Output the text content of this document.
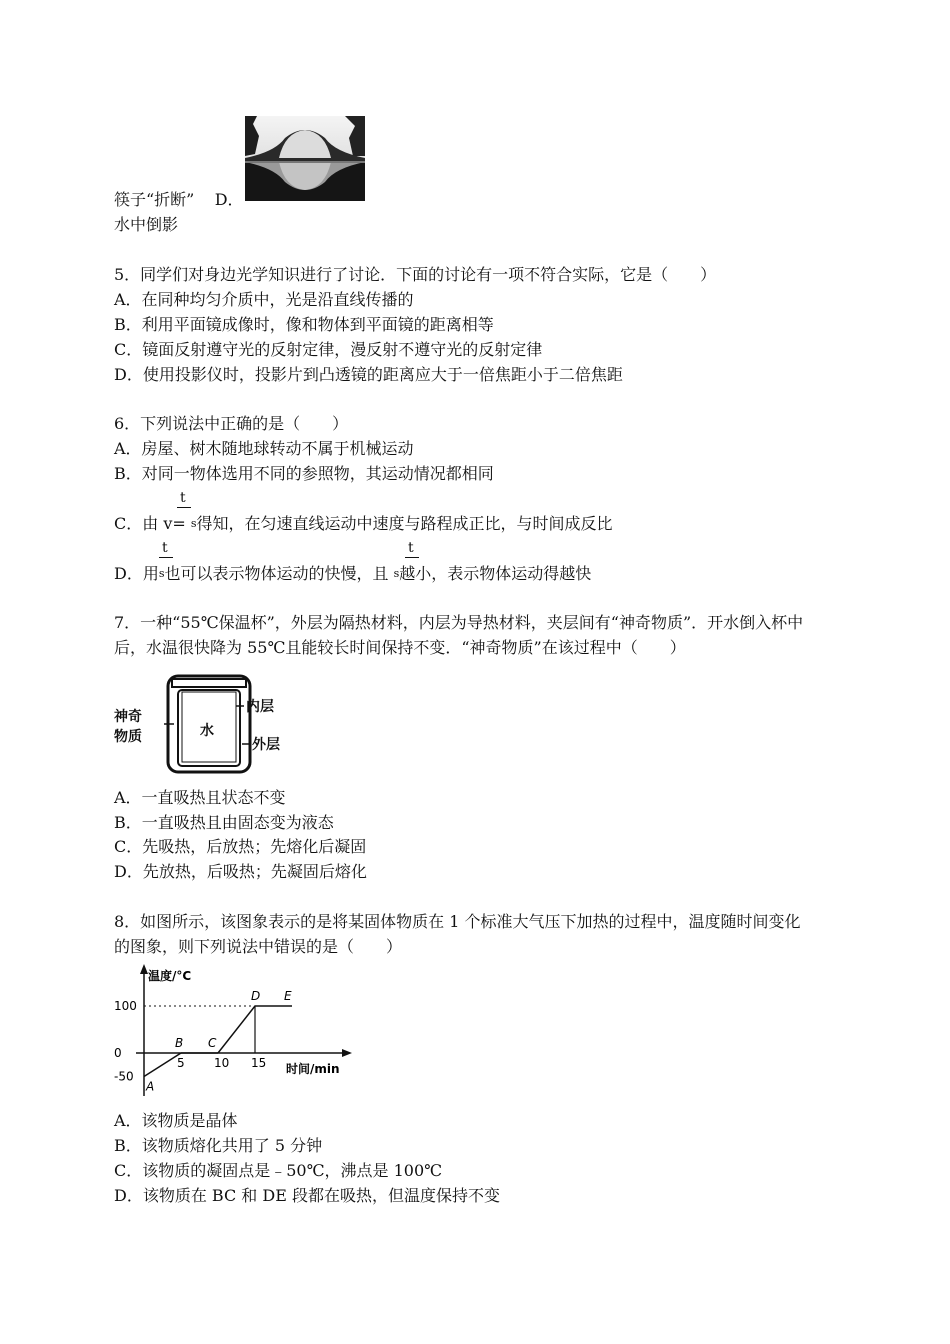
筷子“折断” D．
水中倒影
5．同学们对身边光学知识进行了讨论．下面的讨论有一项不符合实际，它是（　　）
A．在同种均匀介质中，光是沿直线传播的
B．利用平面镜成像时，像和物体到平面镜的距离相等
C．镜面反射遵守光的反射定律，漫反射不遵守光的反射定律
D．使用投影仪时，投影片到凸透镜的距离应大于一倍焦距小于二倍焦距
6．下列说法中正确的是（　　）
A．房屋、树木随地球转动不属于机械运动
B．对同一物体选用不同的参照物，其运动情况都相同
t
C．由 v= s得知，在匀速直线运动中速度与路程成正比，与时间成反比
t	t
D．用s也可以表示物体运动的快慢，且 s越小，表示物体运动得越快
7．一种“55℃保温杯”，外层为隔热材料，内层为导热材料，夹层间有“神奇物质”．开水倒入杯中
后，水温很快降为 55℃且能较长时间保持不变．“神奇物质”在该过程中（　　）
神奇
物质	水
内层
外层
A．一直吸热且状态不变
B．一直吸热且由固态变为液态
C．先吸热，后放热；先熔化后凝固
D．先放热，后吸热；先凝固后熔化
8．如图所示，该图象表示的是将某固体物质在 1 个标准大气压下加热的过程中，温度随时间变化
的图象，则下列说法中错误的是（　　）
温度/°C
时间/min
100
0
-50
5 10 15
A
B C
D E
A．该物质是晶体
B．该物质熔化共用了 5 分钟
C．该物质的凝固点是﹣50℃，沸点是 100℃
D．该物质在 BC 和 DE 段都在吸热，但温度保持不变
